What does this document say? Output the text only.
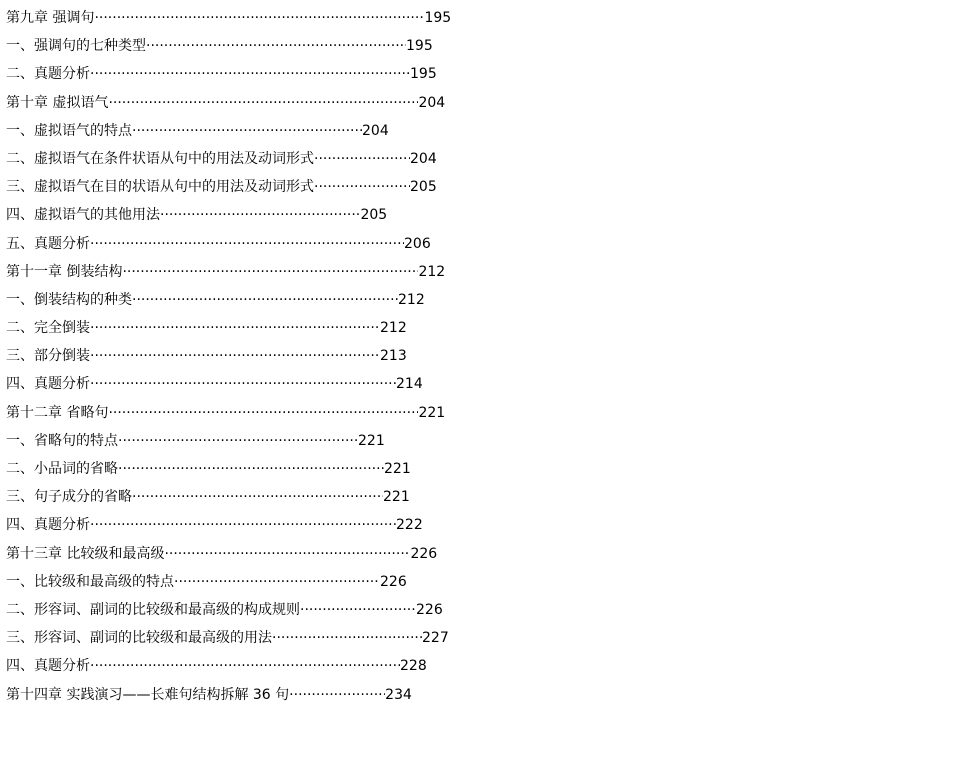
第九章 强调句 ·····	195
一、强调句的七种类型 ·····	195
二、真题分析 ·····	195
第十章 虚拟语气 ·····	204
一、虚拟语气的特点 ·····	204
二、虚拟语气在条件状语从句中的用法及动词形式 ·····	204
三、虚拟语气在目的状语从句中的用法及动词形式 ·····	205
四、虚拟语气的其他用法· ·····	205
五、真题分析 ·····	206
第十一章 倒装结构 ·····	212
一、倒装结构的种类 ·····	212
二、完全倒装 ·····	212
三、部分倒装 ·····	213
四、真题分析 ·····	214
第十二章 省略句 ·····	221
一、省略句的特点 ·····	221
二、小品词的省略 ·····	221
三、句子成分的省略 ·····	221
四、真题分析 ·····	222
第十三章 比较级和最高级 ·····	226
一、比较级和最高级的特点 ·····	226
二、形容词、副词的比较级和最高级的构成规则 ·····	226
三、形容词、副词的比较级和最高级的用法 ·····	227
四、真题分析 ·····	228
第十四章 实践演习——长难句结构拆解 36 句 ·····	234
